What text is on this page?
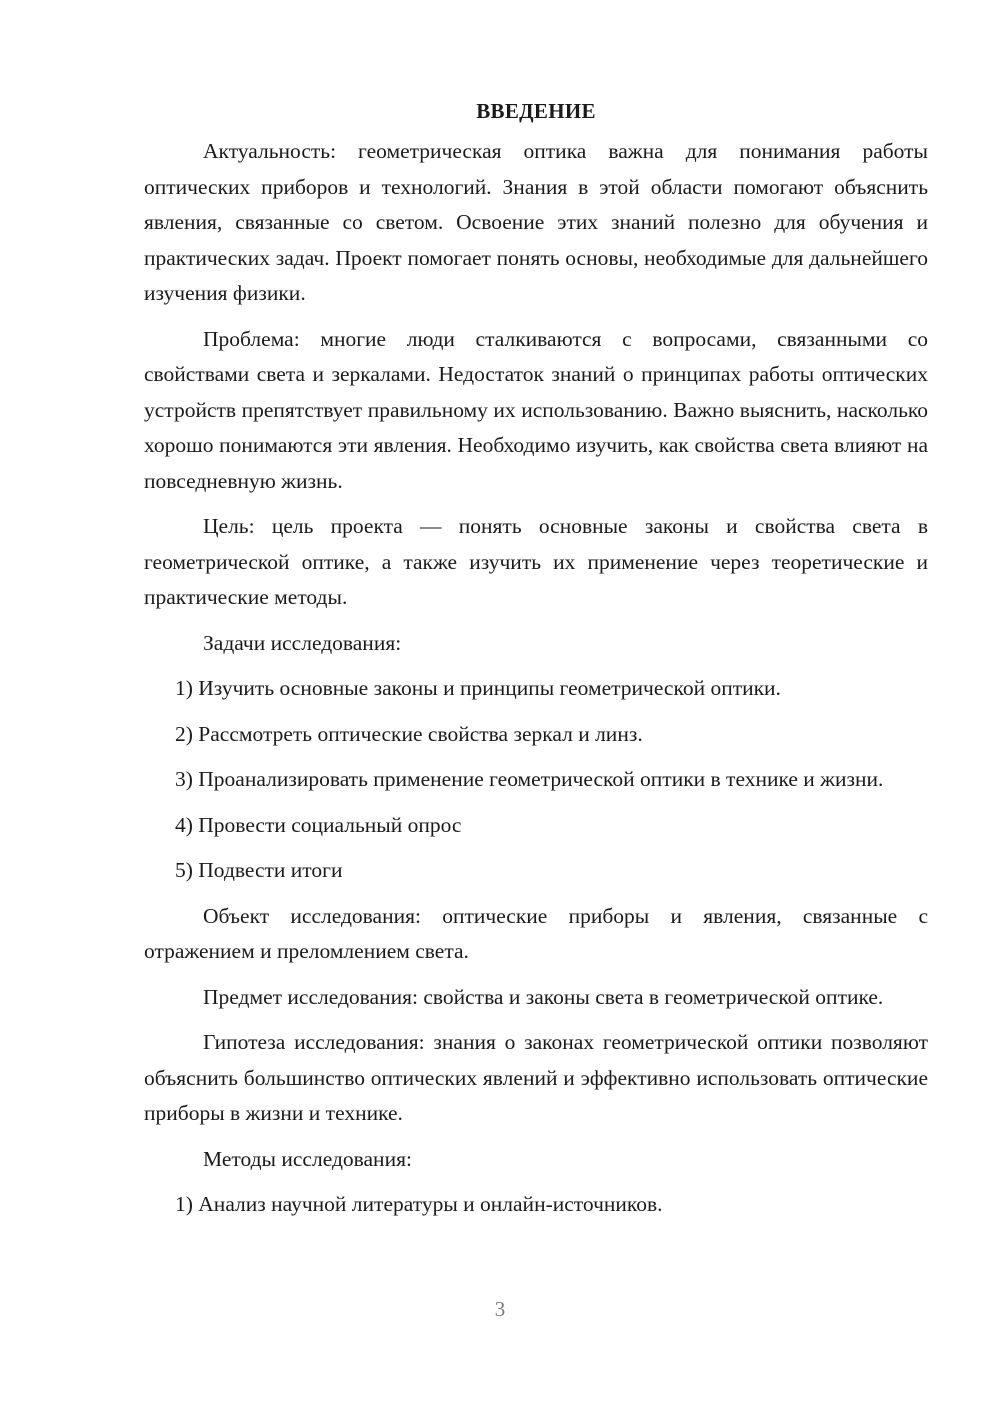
ВВЕДЕНИЕ

Актуальность: геометрическая оптика важна для понимания работы оптических приборов и технологий. Знания в этой области помогают объяснить явления, связанные со светом. Освоение этих знаний полезно для обучения и практических задач. Проект помогает понять основы, необходимые для дальнейшего изучения физики.

Проблема: многие люди сталкиваются с вопросами, связанными со свойствами света и зеркалами. Недостаток знаний о принципах работы оптических устройств препятствует правильному их использованию. Важно выяснить, насколько хорошо понимаются эти явления. Необходимо изучить, как свойства света влияют на повседневную жизнь.

Цель: цель проекта — понять основные законы и свойства света в геометрической оптике, а также изучить их применение через теоретические и практические методы.

Задачи исследования:

1) Изучить основные законы и принципы геометрической оптики.

2) Рассмотреть оптические свойства зеркал и линз.

3) Проанализировать применение геометрической оптики в технике и жизни.

4) Провести социальный опрос

5) Подвести итоги

Объект исследования: оптические приборы и явления, связанные с отражением и преломлением света.

Предмет исследования: свойства и законы света в геометрической оптике.

Гипотеза исследования: знания о законах геометрической оптики позволяют объяснить большинство оптических явлений и эффективно использовать оптические приборы в жизни и технике.

Методы исследования:

1) Анализ научной литературы и онлайн-источников.

3
